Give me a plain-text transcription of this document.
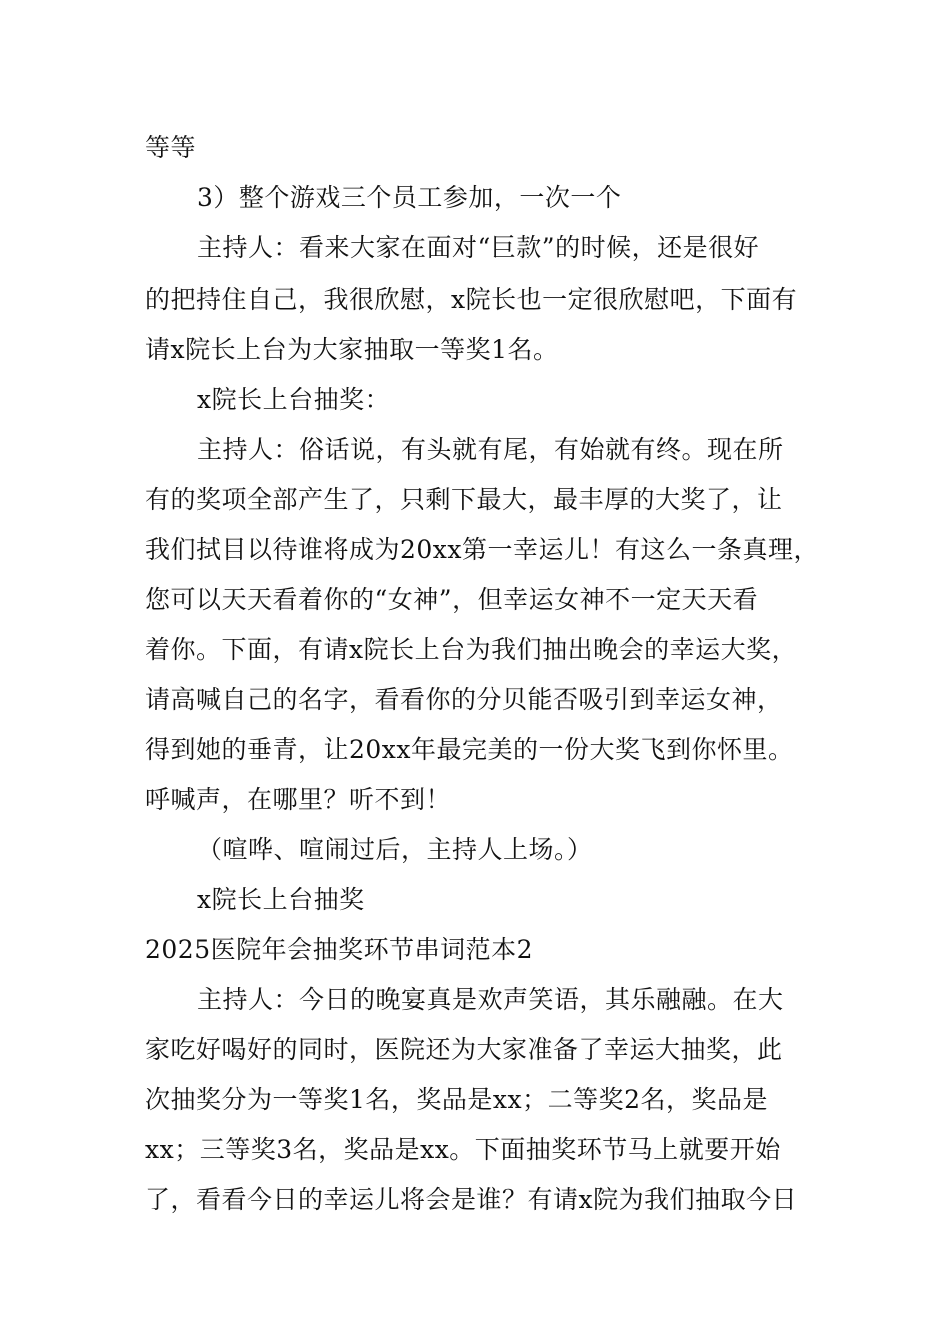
等等
3）整个游戏三个员工参加，一次一个
主持人：看来大家在面对“巨款”的时候，还是很好
的把持住自己，我很欣慰，x院长也一定很欣慰吧，下面有
请x院长上台为大家抽取一等奖1名。
x院长上台抽奖：
主持人：俗话说，有头就有尾，有始就有终。现在所
有的奖项全部产生了，只剩下最大，最丰厚的大奖了，让
我们拭目以待谁将成为20xx第一幸运儿！有这么一条真理，
您可以天天看着你的“女神”，但幸运女神不一定天天看
着你。下面，有请x院长上台为我们抽出晚会的幸运大奖，
请高喊自己的名字，看看你的分贝能否吸引到幸运女神，
得到她的垂青，让20xx年最完美的一份大奖飞到你怀里。
呼喊声，在哪里？听不到！
（喧哗、喧闹过后，主持人上场。）
x院长上台抽奖
2025医院年会抽奖环节串词范本2
主持人：今日的晚宴真是欢声笑语，其乐融融。在大
家吃好喝好的同时，医院还为大家准备了幸运大抽奖，此
次抽奖分为一等奖1名，奖品是xx；二等奖2名，奖品是
xx；三等奖3名，奖品是xx。下面抽奖环节马上就要开始
了，看看今日的幸运儿将会是谁？有请x院为我们抽取今日
